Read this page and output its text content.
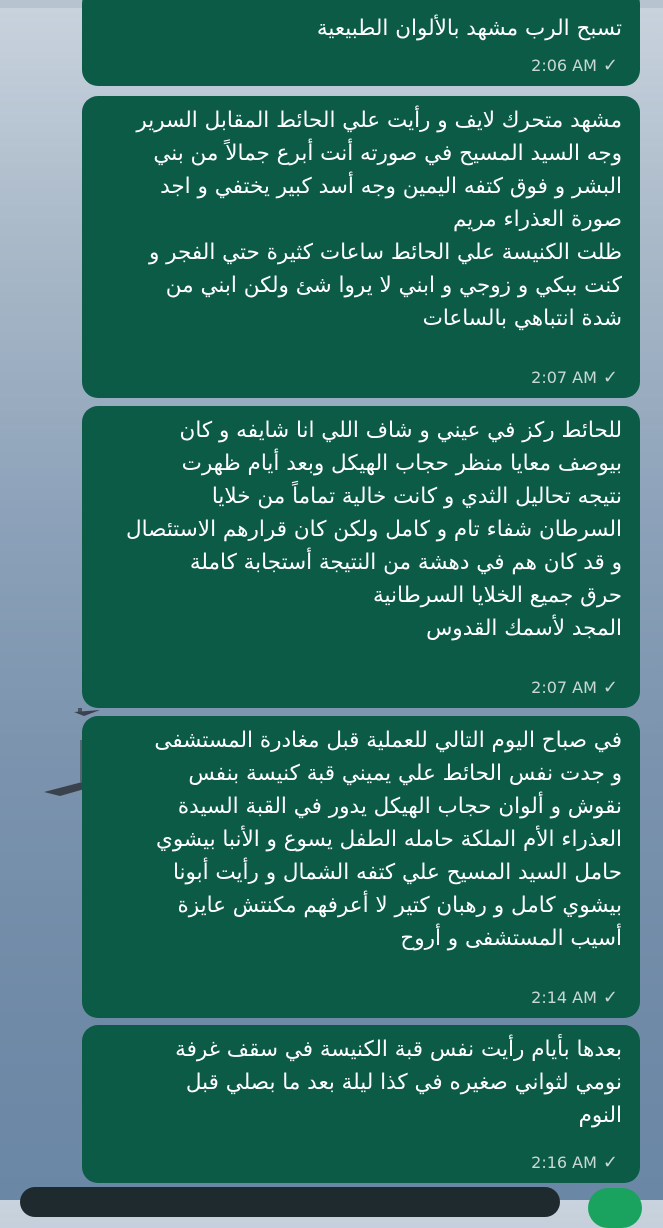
تسبح الرب مشهد بالألوان الطبيعية
2:06 AM ✓
مشهد متحرك لايف و رأيت علي الحائط المقابل السرير
وجه السيد المسيح في صورته أنت أبرع جمالاً من بني
البشر و فوق كتفه اليمين وجه أسد كبير يختفي و اجد
صورة العذراء مريم
ظلت الكنيسة علي الحائط ساعات كثيرة حتي الفجر و
كنت ببكي و زوجي و ابني لا يروا شئ ولكن ابني من
شدة انتباهي بالساعات
2:07 AM ✓
للحائط ركز في عيني و شاف اللي انا شايفه و كان
بيوصف معايا منظر حجاب الهيكل وبعد أيام ظهرت
نتيجه تحاليل الثدي و كانت خالية تماماً من خلايا
السرطان شفاء تام و كامل ولكن كان قرارهم الاستئصال
و قد كان هم في دهشة من النتيجة أستجابة كاملة
حرق جميع الخلايا السرطانية
المجد لأسمك القدوس
2:07 AM ✓
في صباح اليوم التالي للعملية قبل مغادرة المستشفى
و جدت نفس الحائط علي يميني قبة كنيسة بنفس
نقوش و ألوان حجاب الهيكل يدور في القبة السيدة
العذراء الأم الملكة حامله الطفل يسوع و الأنبا بيشوي
حامل السيد المسيح علي كتفه الشمال و رأيت أبونا
بيشوي كامل و رهبان كتير لا أعرفهم مكنتش عايزة
أسيب المستشفى و أروح
2:14 AM ✓
بعدها بأيام رأيت نفس قبة الكنيسة في سقف غرفة
نومي لثواني صغيره في كذا ليلة بعد ما بصلي قبل
النوم
2:16 AM ✓
